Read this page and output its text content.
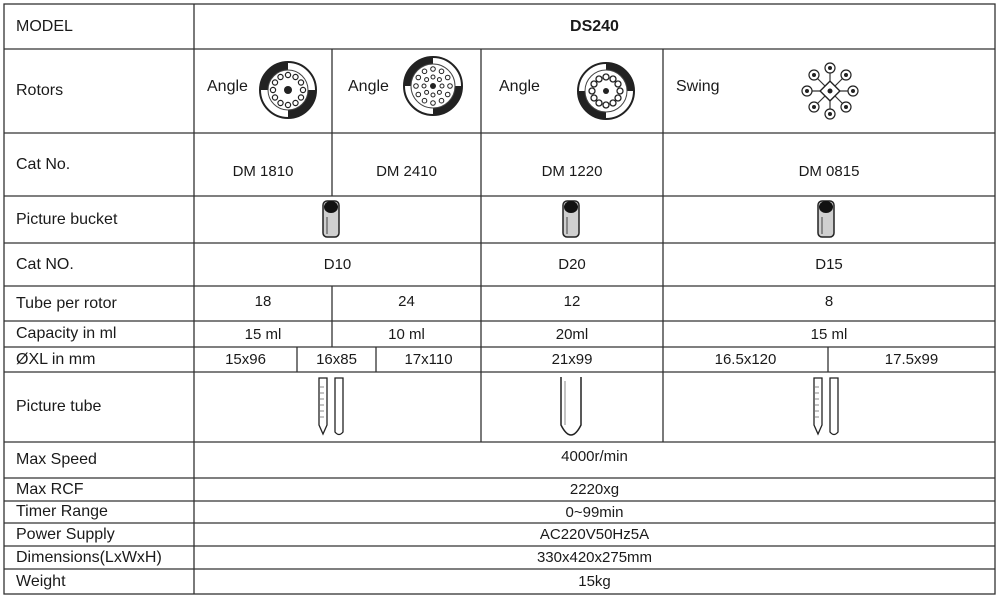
MODEL	DS240
Rotors	Angle	Angle	Angle	Swing
Cat No.	DM 1810	DM 2410	DM 1220	DM 0815
Picture bucket
Cat NO.	D10	D20	D15
Tube per rotor	18	24	12	8
Capacity in ml	15 ml	10 ml	20ml	15 ml
ØXL in mm	15x96	16x85	17x110	21x99	16.5x120	17.5x99
Picture tube
Max Speed	4000r/min
Max RCF	2220xg
Timer Range	0~99min
Power Supply	AC220V50Hz5A
Dimensions(LxWxH)	330x420x275mm
Weight	15kg
